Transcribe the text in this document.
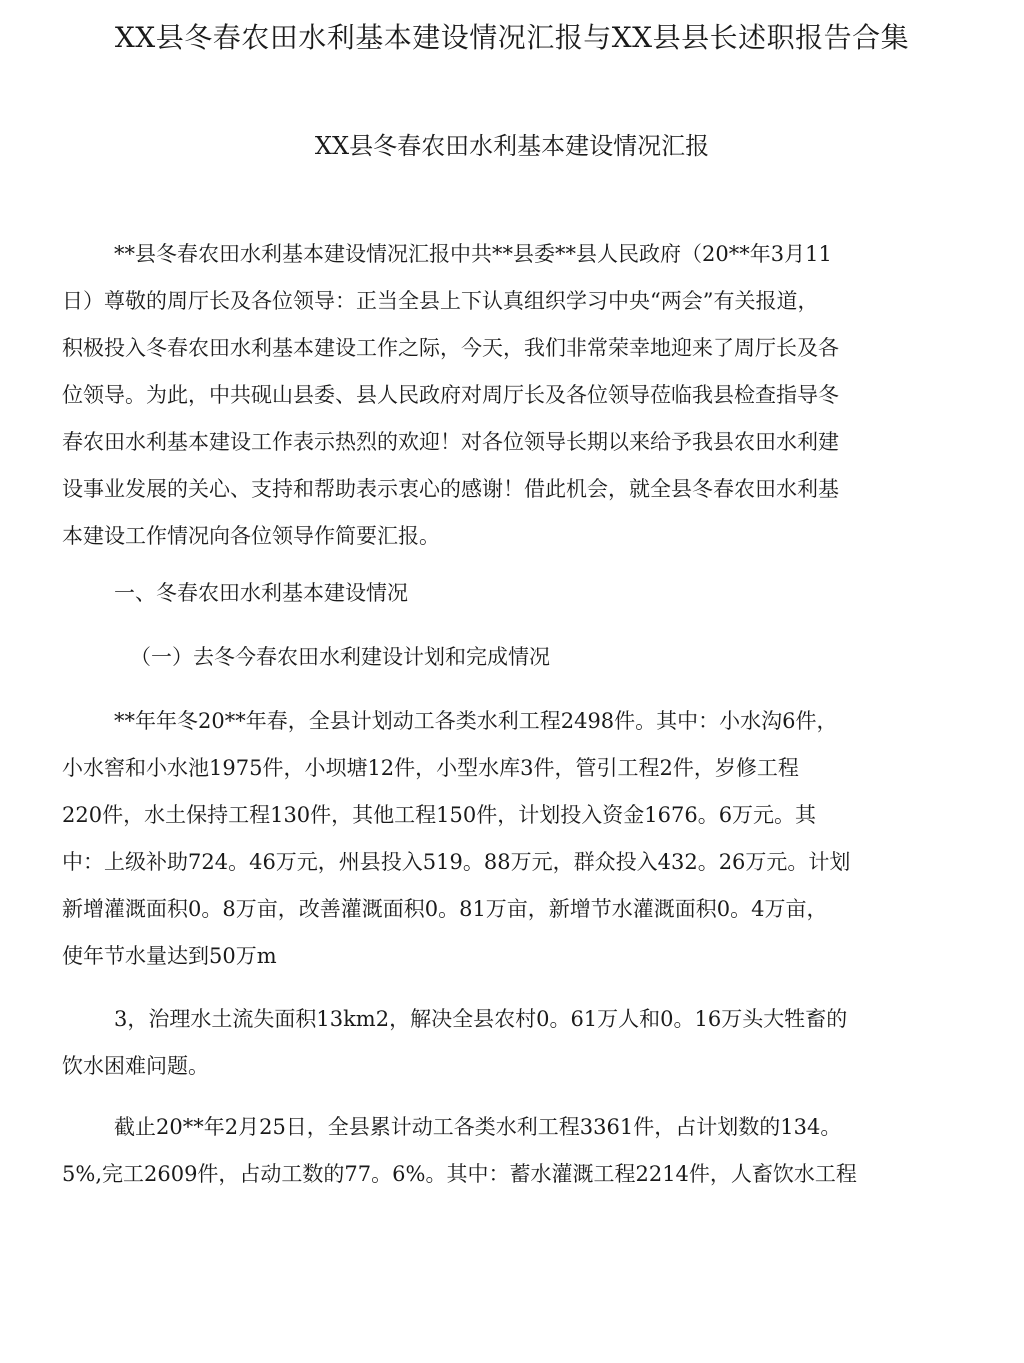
XX县冬春农田水利基本建设情况汇报与XX县县长述职报告合集
XX县冬春农田水利基本建设情况汇报
**县冬春农田水利基本建设情况汇报中共**县委**县人民政府（20**年3月11
日）尊敬的周厅长及各位领导：正当全县上下认真组织学习中央“两会”有关报道，
积极投入冬春农田水利基本建设工作之际，今天，我们非常荣幸地迎来了周厅长及各
位领导。为此，中共砚山县委、县人民政府对周厅长及各位领导莅临我县检查指导冬
春农田水利基本建设工作表示热烈的欢迎！对各位领导长期以来给予我县农田水利建
设事业发展的关心、支持和帮助表示衷心的感谢！借此机会，就全县冬春农田水利基
本建设工作情况向各位领导作简要汇报。
一、冬春农田水利基本建设情况
（一）去冬今春农田水利建设计划和完成情况
**年年冬20**年春，全县计划动工各类水利工程2498件。其中：小水沟6件，
小水窖和小水池1975件，小坝塘12件，小型水库3件，管引工程2件，岁修工程
220件，水土保持工程130件，其他工程150件，计划投入资金1676。6万元。其
中：上级补助724。46万元，州县投入519。88万元，群众投入432。26万元。计划
新增灌溉面积0。8万亩，改善灌溉面积0。81万亩，新增节水灌溉面积0。4万亩，
使年节水量达到50万m
3，治理水土流失面积13km2，解决全县农村0。61万人和0。16万头大牲畜的
饮水困难问题。
截止20**年2月25日，全县累计动工各类水利工程3361件，占计划数的134。
5%,完工2609件，占动工数的77。6%。其中：蓄水灌溉工程2214件，人畜饮水工程
